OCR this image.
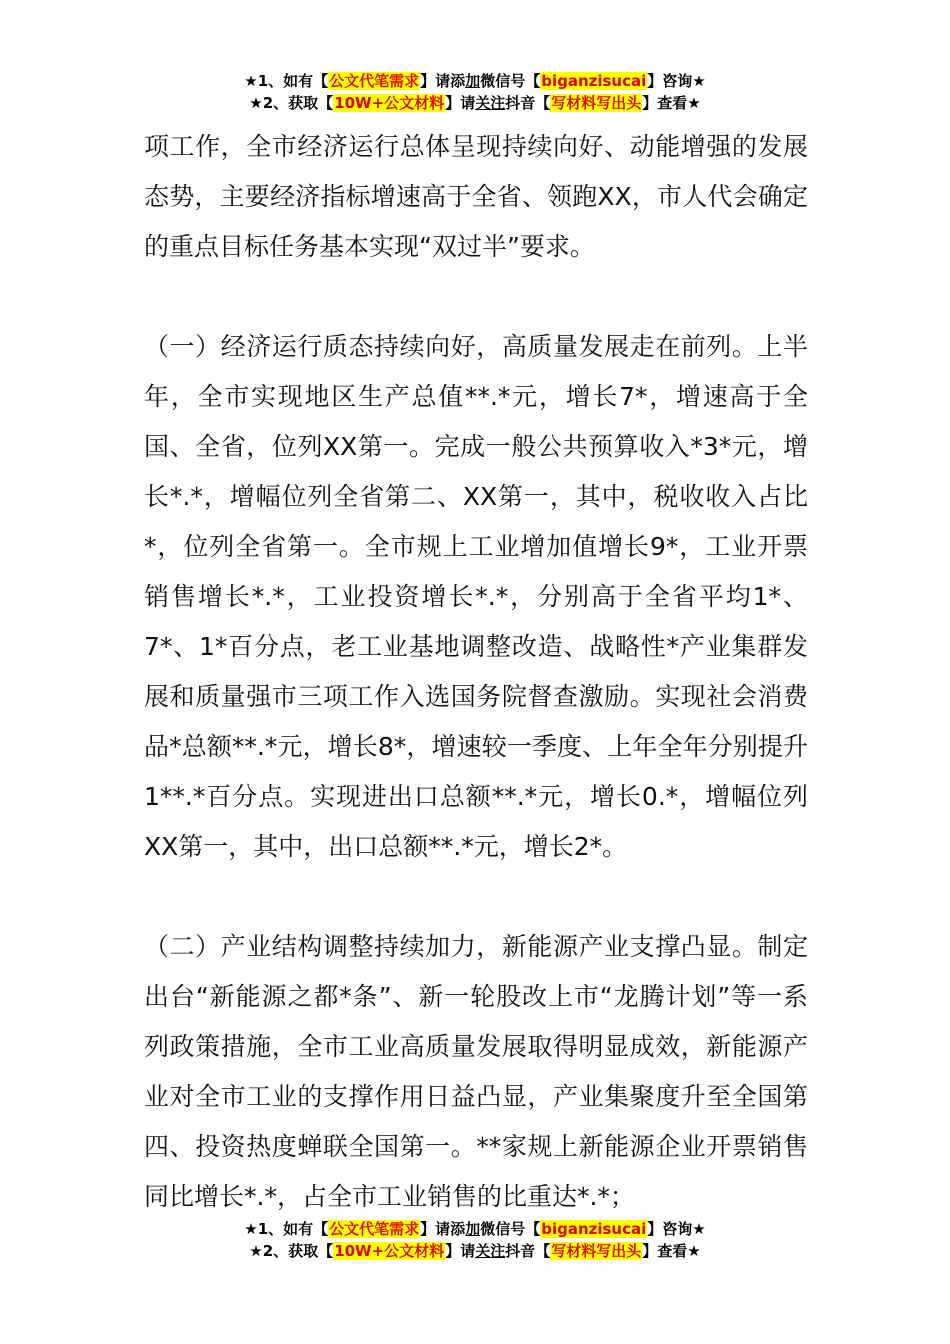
★1、如有【公文代笔需求】请添加微信号【biganzisucai】咨询★
★2、获取【10W+公文材料】请关注抖音【写材料写出头】查看★

项工作，全市经济运行总体呈现持续向好、动能增强的发展态势，主要经济指标增速高于全省、领跑XX，市人代会确定的重点目标任务基本实现“双过半”要求。

（一）经济运行质态持续向好，高质量发展走在前列。上半年，全市实现地区生产总值**.*元，增长7*，增速高于全国、全省，位列XX第一。完成一般公共预算收入*3*元，增长*.*，增幅位列全省第二、XX第一，其中，税收收入占比*，位列全省第一。全市规上工业增加值增长9*，工业开票销售增长*.*，工业投资增长*.*，分别高于全省平均1*、7*、1*百分点，老工业基地调整改造、战略性*产业集群发展和质量强市三项工作入选国务院督查激励。实现社会消费品*总额**.*元，增长8*，增速较一季度、上年全年分别提升1**.*百分点。实现进出口总额**.*元，增长0.*，增幅位列XX第一，其中，出口总额**.*元，增长2*。

（二）产业结构调整持续加力，新能源产业支撑凸显。制定出台“新能源之都*条”、新一轮股改上市“龙腾计划”等一系列政策措施，全市工业高质量发展取得明显成效，新能源产业对全市工业的支撑作用日益凸显，产业集聚度升至全国第四、投资热度蝉联全国第一。**家规上新能源企业开票销售同比增长*.*，占全市工业销售的比重达*.*；

★1、如有【公文代笔需求】请添加微信号【biganzisucai】咨询★
★2、获取【10W+公文材料】请关注抖音【写材料写出头】查看★
